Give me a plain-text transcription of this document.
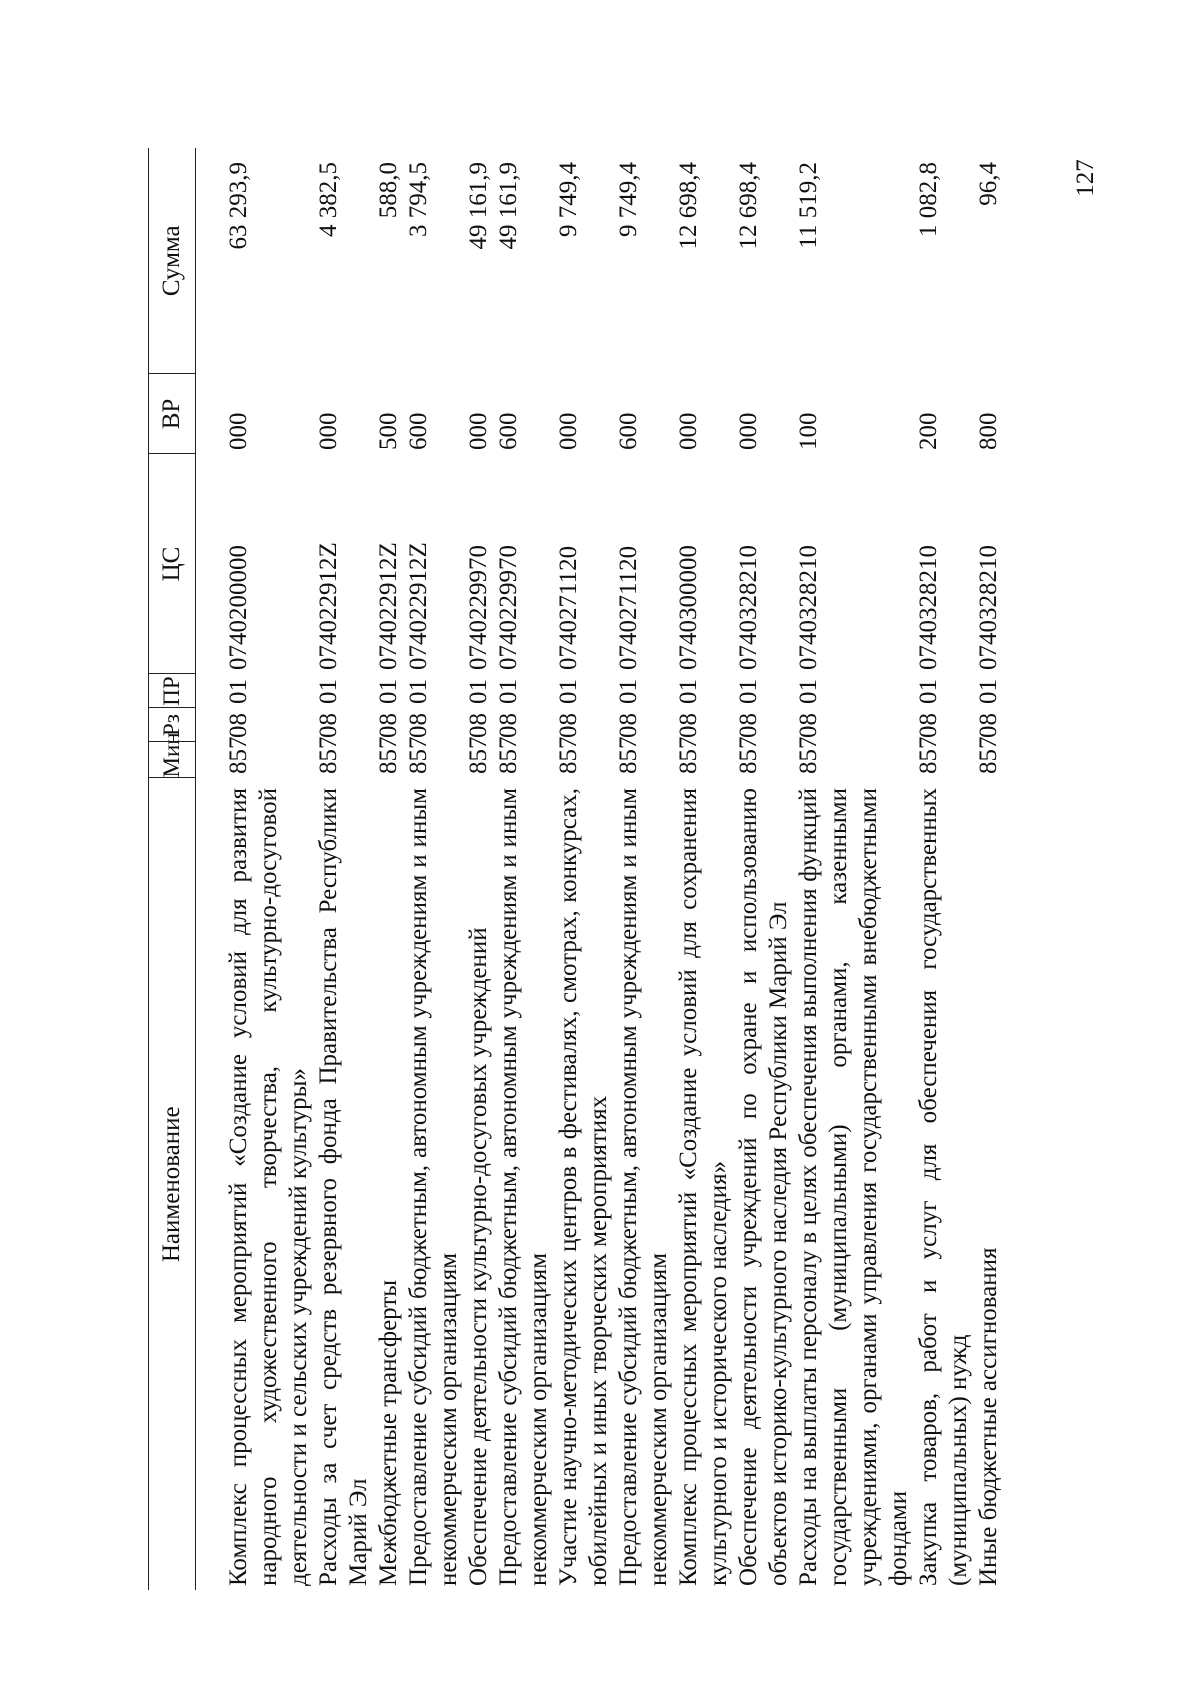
127
Наименование	Мин	Рз	ПР	ЦС	ВР	Сумма
Комплекс процессных мероприятий «Создание условий для развития народного художественного творчества, культурно-досуговой деятельности и сельских учреждений культуры»	857	08	01	0740200000	000	63 293,9
Расходы за счет средств резервного фонда Правительства Республики Марий Эл	857	08	01	074022912Z	000	4 382,5
Межбюджетные трансферты	857	08	01	074022912Z	500	588,0
Предоставление субсидий бюджетным, автономным учреждениям и иным некоммерческим организациям	857	08	01	074022912Z	600	3 794,5
Обеспечение деятельности культурно-досуговых учреждений	857	08	01	0740229970	000	49 161,9
Предоставление субсидий бюджетным, автономным учреждениям и иным некоммерческим организациям	857	08	01	0740229970	600	49 161,9
Участие научно-методических центров в фестивалях, смотрах, конкурсах, юбилейных и иных творческих мероприятиях	857	08	01	0740271120	000	9 749,4
Предоставление субсидий бюджетным, автономным учреждениям и иным некоммерческим организациям	857	08	01	0740271120	600	9 749,4
Комплекс процессных мероприятий «Создание условий для сохранения культурного и исторического наследия»	857	08	01	0740300000	000	12 698,4
Обеспечение деятельности учреждений по охране и использованию объектов историко-культурного наследия Республики Марий Эл	857	08	01	0740328210	000	12 698,4
Расходы на выплаты персоналу в целях обеспечения выполнения функций государственными (муниципальными) органами, казенными учреждениями, органами управления государственными внебюджетными фондами	857	08	01	0740328210	100	11 519,2
Закупка товаров, работ и услуг для обеспечения государственных (муниципальных) нужд	857	08	01	0740328210	200	1 082,8
Иные бюджетные ассигнования	857	08	01	0740328210	800	96,4
